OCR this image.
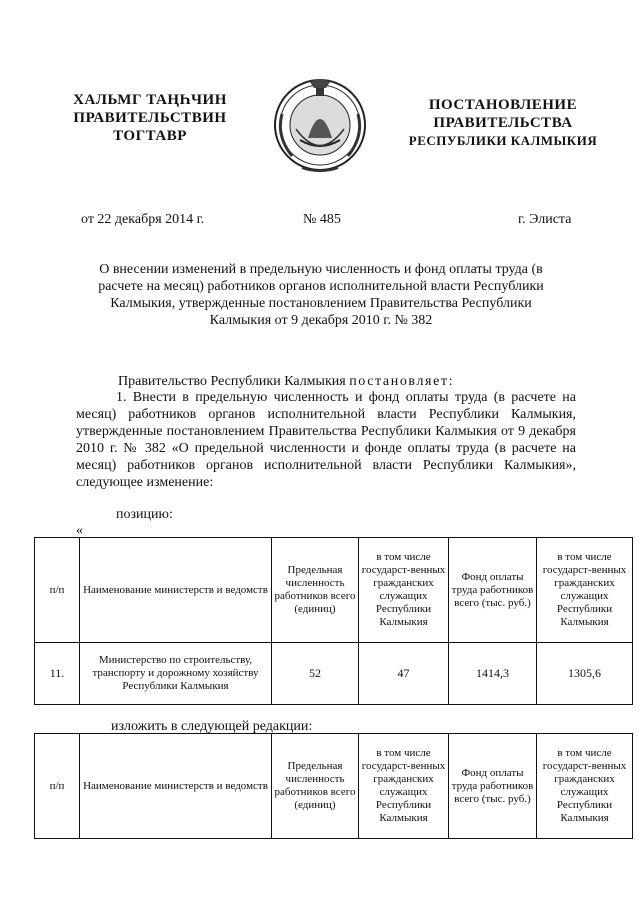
ХАЛЬМГ ТАҢҺЧИН
ПРАВИТЕЛЬСТВИН
ТОГТАВР
ПОСТАНОВЛЕНИЕ
ПРАВИТЕЛЬСТВА
РЕСПУБЛИКИ КАЛМЫКИЯ
от 22 декабря 2014 г.	№ 485	г. Элиста
О внесении изменений в предельную численность и фонд оплаты труда (в
расчете на месяц) работников органов исполнительной власти Республики
Калмыкия, утвержденные постановлением Правительства Республики
Калмыкия от 9 декабря 2010 г. № 382
Правительство Республики Калмыкия постановляет:
1. Внести в предельную численность и фонд оплаты труда (в расчете на месяц) работников органов исполнительной власти Республики Калмыкия, утвержденные постановлением Правительства Республики Калмыкия от 9 декабря 2010 г. № 382 «О предельной численности и фонде оплаты труда (в расчете на месяц) работников органов исполнительной власти Республики Калмыкия», следующее изменение:
позицию:
«
п/п	Наименование министерств и ведомств	Предельная численность работников всего (единиц)	в том числе государст-венных гражданских служащих Республики Калмыкия	Фонд оплаты труда работников всего (тыс. руб.)	в том числе государст-венных гражданских служащих Республики Калмыкия
11.	Министерство по строительству, транспорту и дорожному хозяйству Республики Калмыкия	52	47	1414,3	1305,6
изложить в следующей редакции:
п/п	Наименование министерств и ведомств	Предельная численность работников всего (единиц)	в том числе государст-венных гражданских служащих Республики Калмыкия	Фонд оплаты труда работников всего (тыс. руб.)	в том числе государст-венных гражданских служащих Республики Калмыкия
